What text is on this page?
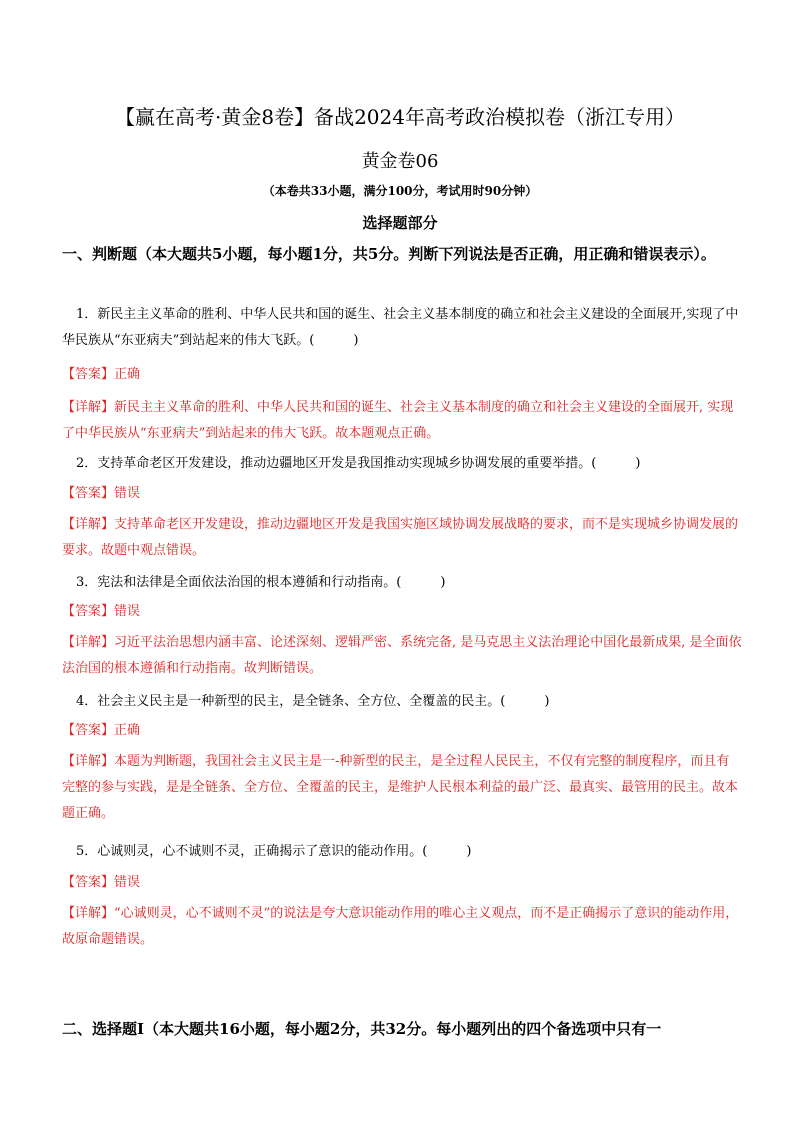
【赢在高考·黄金8卷】备战2024年高考政治模拟卷（浙江专用）
黄金卷06
（本卷共33小题，满分100分，考试用时90分钟）
选择题部分
一、判断题（本大题共5小题，每小题1分，共5分。判断下列说法是否正确，用正确和错误表示）。
1．新民主主义革命的胜利、中华人民共和国的诞生、社会主义基本制度的确立和社会主义建设的全面展开,实现了中华民族从“东亚病夫”到站起来的伟大飞跃。(　　　)
【答案】正确
【详解】新民主主义革命的胜利、中华人民共和国的诞生、社会主义基本制度的确立和社会主义建设的全面展开, 实现了中华民族从“东亚病夫”到站起来的伟大飞跃。故本题观点正确。
2．支持革命老区开发建设，推动边疆地区开发是我国推动实现城乡协调发展的重要举措。(　　　)
【答案】错误
【详解】支持革命老区开发建设，推动边疆地区开发是我国实施区域协调发展战略的要求，而不是实现城乡协调发展的要求。故题中观点错误。
3．宪法和法律是全面依法治国的根本遵循和行动指南。(　　　)
【答案】错误
【详解】习近平法治思想内涵丰富、论述深刻、逻辑严密、系统完备, 是马克思主义法治理论中国化最新成果, 是全面依法治国的根本遵循和行动指南。故判断错误。
4．社会主义民主是一种新型的民主，是全链条、全方位、全覆盖的民主。(　　　)
【答案】正确
【详解】本题为判断题，我国社会主义民主是一-种新型的民主，是全过程人民民主，不仅有完整的制度程序，而且有完整的参与实践，是是全链条、全方位、全覆盖的民主，是维护人民根本利益的最广泛、最真实、最管用的民主。故本题正确。
5．心诚则灵，心不诚则不灵，正确揭示了意识的能动作用。(　　　)
【答案】错误
【详解】“心诚则灵，心不诚则不灵”的说法是夸大意识能动作用的唯心主义观点，而不是正确揭示了意识的能动作用，故原命题错误。
二、选择题Ⅰ（本大题共16小题，每小题2分，共32分。每小题列出的四个备选项中只有一
